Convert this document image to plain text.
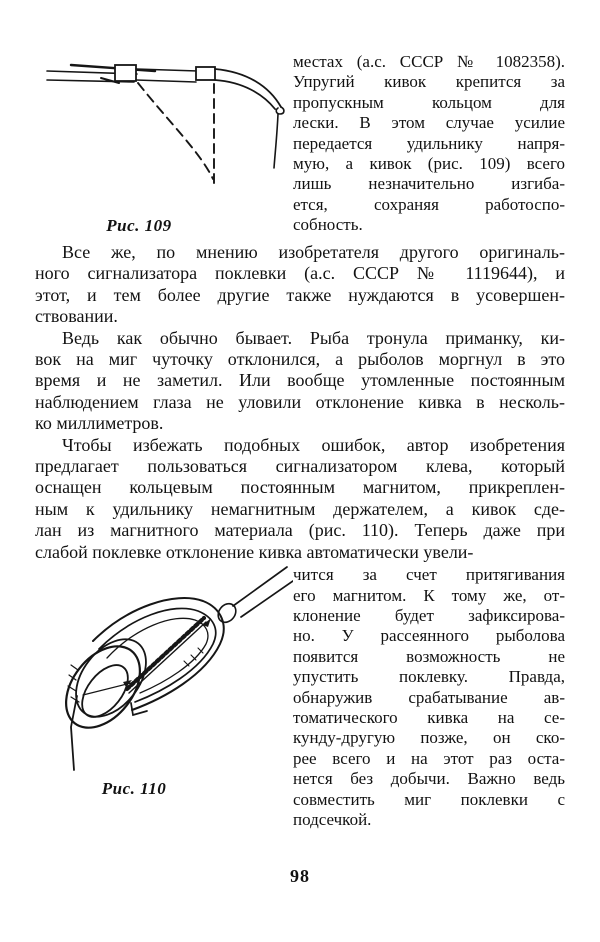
Рис. 109
местах (а.с. СССР № 1082358).
Упругий кивок крепится за
пропускным кольцом для
лески. В этом случае усилие
передается удильнику напря-
мую, а кивок (рис. 109) всего
лишь незначительно изгиба-
ется, сохраняя работоспо-
собность.
Все же, по мнению изобретателя другого оригиналь-
ного сигнализатора поклевки (а.с. СССР № 1119644), и
этот, и тем более другие также нуждаются в усовершен-
ствовании.
Ведь как обычно бывает. Рыба тронула приманку, ки-
вок на миг чуточку отклонился, а рыболов моргнул в это
время и не заметил. Или вообще утомленные постоянным
наблюдением глаза не уловили отклонение кивка в несколь-
ко миллиметров.
Чтобы избежать подобных ошибок, автор изобретения
предлагает пользоваться сигнализатором клева, который
оснащен кольцевым постоянным магнитом, прикреплен-
ным к удильнику немагнитным держателем, а кивок сде-
лан из магнитного материала (рис. 110). Теперь даже при
слабой поклевке отклонение кивка автоматически увели-
Рис. 110
чится за счет притягивания
его магнитом. К тому же, от-
клонение будет зафиксирова-
но. У рассеянного рыболова
появится возможность не
упустить поклевку. Правда,
обнаружив срабатывание ав-
томатического кивка на се-
кунду-другую позже, он ско-
рее всего и на этот раз оста-
нется без добычи. Важно ведь
совместить миг поклевки с
подсечкой.
98
